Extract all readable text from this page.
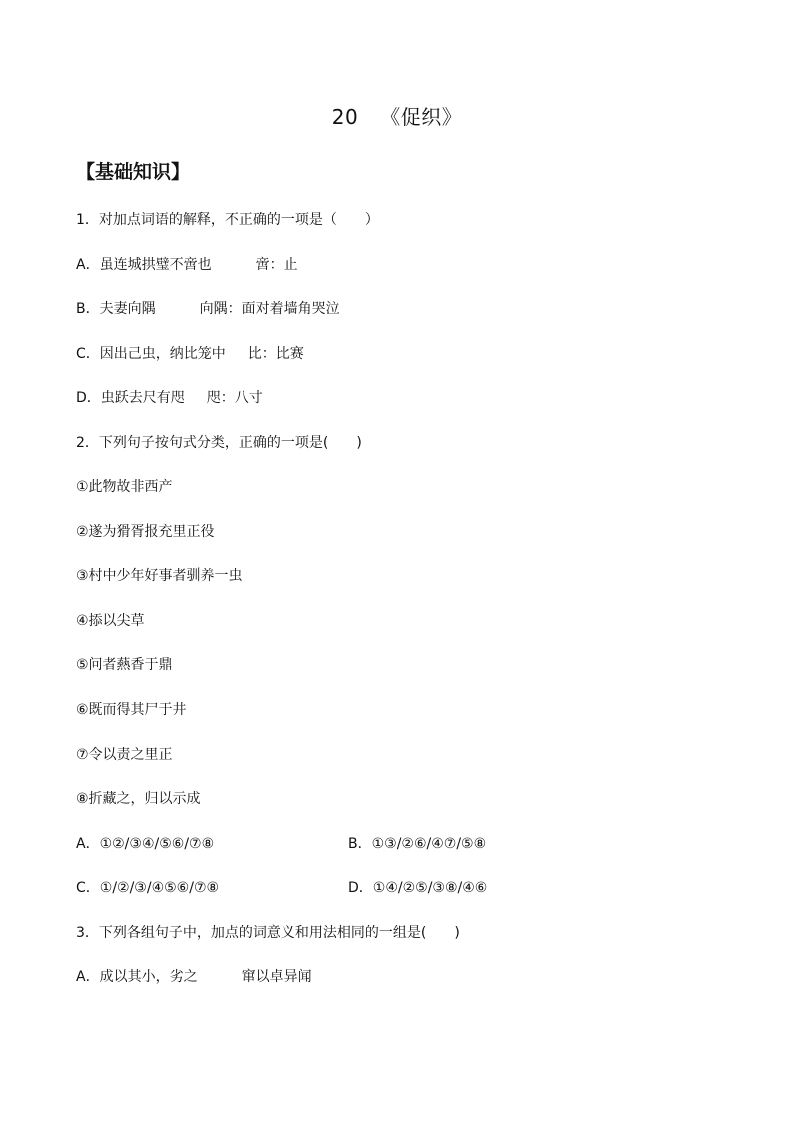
20 《促织》
【基础知识】
1．对加点词语的解释，不正确的一项是（　　）
A．虽连城拱璧不啻也	啻：止
B．夫妻向隅	向隅：面对着墙角哭泣
C．因出己虫，纳比笼中 比：比赛
D．虫跃去尺有咫 咫：八寸
2．下列句子按句式分类，正确的一项是(　　)
①此物故非西产
②遂为猾胥报充里正役
③村中少年好事者驯养一虫
④掭以尖草
⑤问者爇香于鼎
⑥既而得其尸于井
⑦令以责之里正
⑧折藏之，归以示成
A．①②/③④/⑤⑥/⑦⑧	B．①③/②⑥/④⑦/⑤⑧
C．①/②/③/④⑤⑥/⑦⑧	D．①④/②⑤/③⑧/④⑥
3．下列各组句子中，加点的词意义和用法相同的一组是(　　)
A．成以其小，劣之	窜以卓异闻
